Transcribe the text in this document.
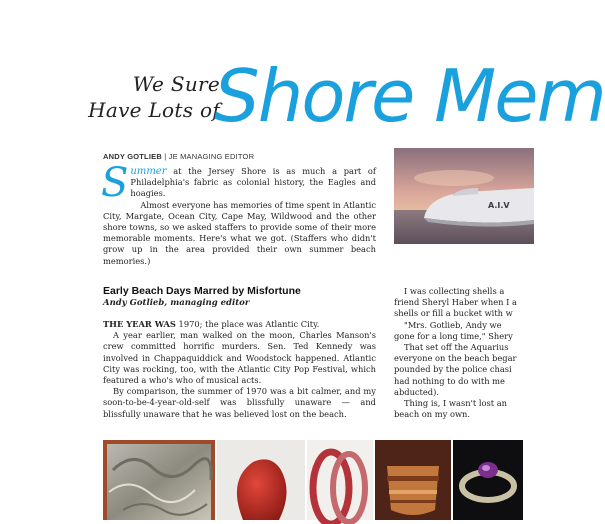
We Sure
Have Lots of
Shore Mem
ANDY GOTLIEB | JE MANAGING EDITOR

Summer at the Jersey Shore is as much a part of Philadelphia's fabric as colonial history, the Eagles and hoagies.

Almost everyone has memories of time spent in Atlantic City, Margate, Ocean City, Cape May, Wildwood and the other shore towns, so we asked staffers to provide some of their more memorable moments. Here's what we got. (Staffers who didn't grow up in the area provided their own summer beach memories.)

A.I.V
Early Beach Days Marred by Misfortune
Andy Gotlieb, managing editor

THE YEAR WAS 1970; the place was Atlantic City.

A year earlier, man walked on the moon, Charles Manson's crew committed horrific murders. Sen. Ted Kennedy was involved in Chappaquiddick and Woodstock happened. Atlantic City was rocking, too, with the Atlantic City Pop Festival, which featured a who's who of musical acts.

By comparison, the summer of 1970 was a bit calmer, and my soon-to-be-4-year-old-self was blissfully unaware — and blissfully unaware that he was believed lost on the beach.

I was collecting shells a
friend Sheryl Haber when I a
shells or fill a bucket with w
"Mrs. Gotlieb, Andy we
gone for a long time," Shery
That set off the Aquarius
everyone on the beach begar
pounded by the police chasi
had nothing to do with me
abducted).
Thing is, I wasn't lost an
beach on my own.
